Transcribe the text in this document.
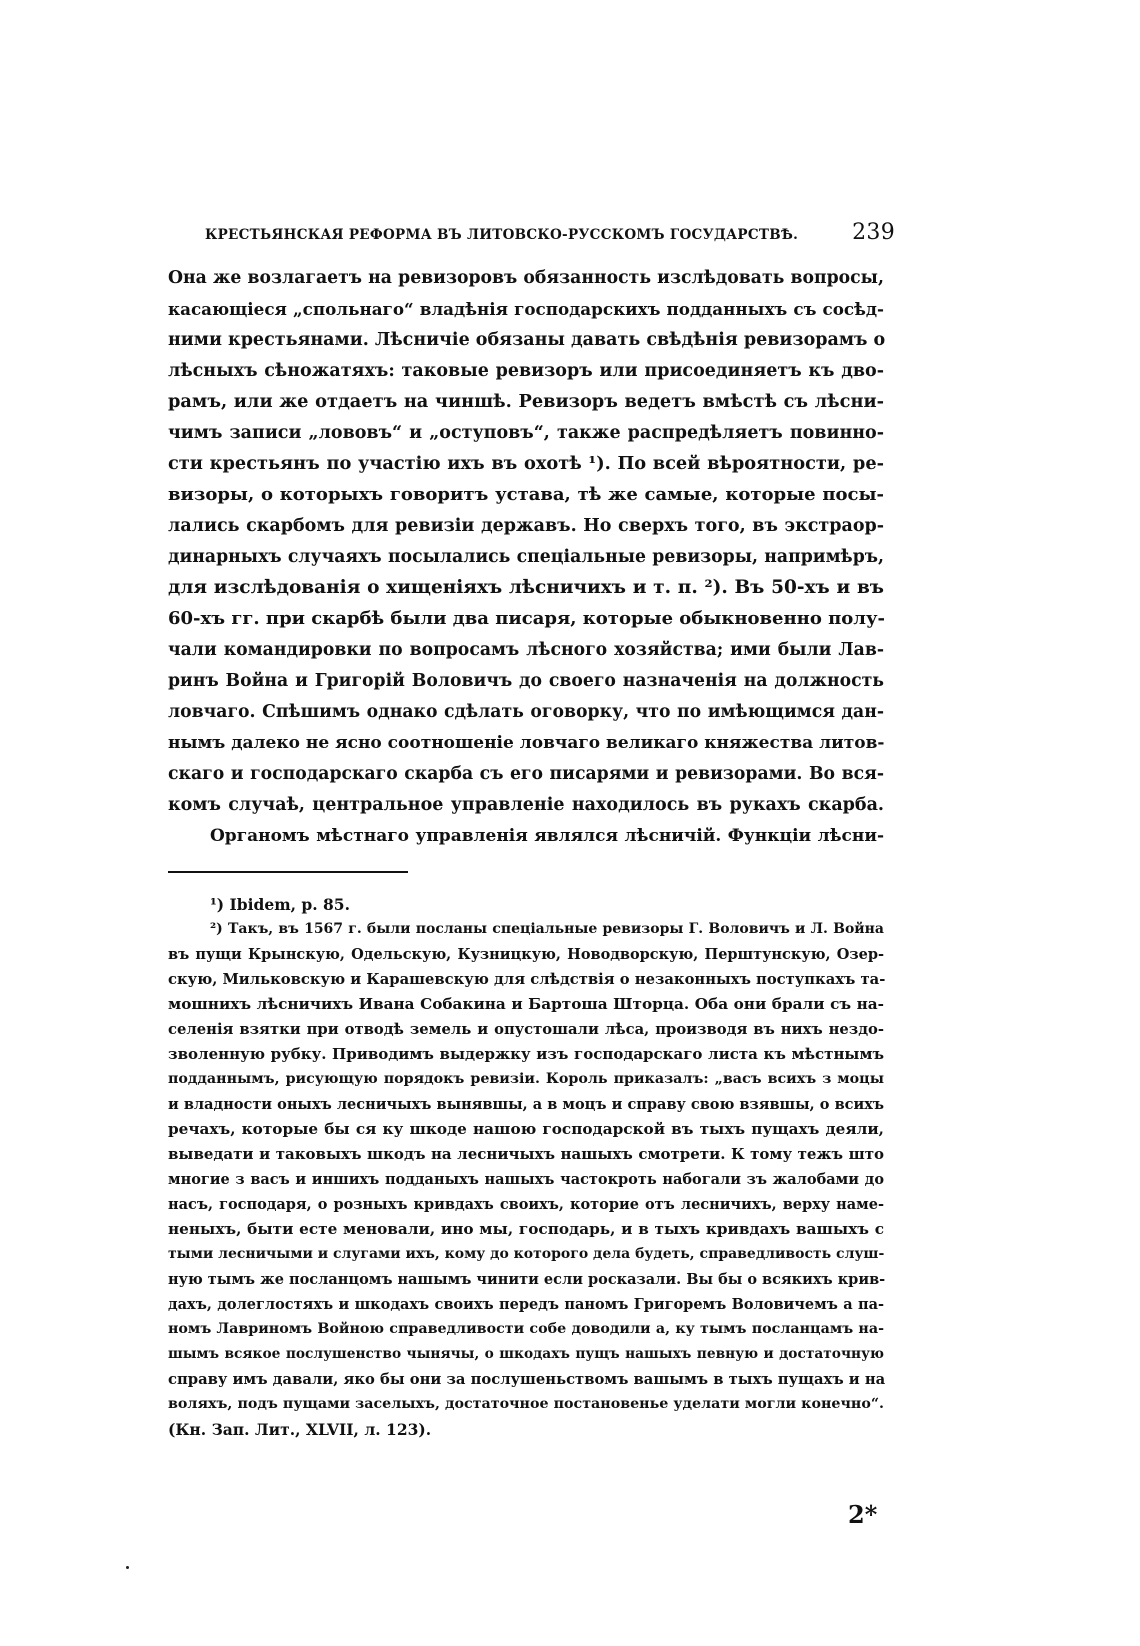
КРЕСТЬЯНСКАЯ РЕФОРМА ВЪ ЛИТОВСКО-РУССКОМЪ ГОСУДАРСТВѢ. 239
Она же возлагаетъ на ревизоровъ обязанность изслѣдовать вопросы,
касающіеся „спольнаго“ владѣнія господарскихъ подданныхъ съ сосѣд-
ними крестьянами. Лѣсничіе обязаны давать свѣдѣнія ревизорамъ о
лѣсныхъ сѣножатяхъ: таковые ревизоръ или присоединяетъ къ дво-
рамъ, или же отдаетъ на чиншѣ. Ревизоръ ведетъ вмѣстѣ съ лѣсни-
чимъ записи „лововъ“ и „оступовъ“, также распредѣляетъ повинно-
сти крестьянъ по участію ихъ въ охотѣ ¹). По всей вѣроятности, ре-
визоры, о которыхъ говоритъ устава, тѣ же самые, которые посы-
лались скарбомъ для ревизіи державъ. Но сверхъ того, въ экстраор-
динарныхъ случаяхъ посылались спеціальные ревизоры, напримѣръ,
для изслѣдованія о хищеніяхъ лѣсничихъ и т. п. ²). Въ 50-хъ и въ
60-хъ гг. при скарбѣ были два писаря, которые обыкновенно полу-
чали командировки по вопросамъ лѣсного хозяйства; ими были Лав-
ринъ Война и Григорій Воловичъ до своего назначенія на должность
ловчаго. Спѣшимъ однако сдѣлать оговорку, что по имѣющимся дан-
нымъ далеко не ясно соотношеніе ловчаго великаго княжества литов-
скаго и господарскаго скарба съ его писарями и ревизорами. Во вся-
комъ случаѣ, центральное управленіе находилось въ рукахъ скарба.
Органомъ мѣстнаго управленія являлся лѣсничій. Функціи лѣсни-
¹) Ibidem, p. 85.
²) Такъ, въ 1567 г. были посланы спеціальные ревизоры Г. Воловичъ и Л. Война
въ пущи Крынскую, Одельскую, Кузницкую, Новодворскую, Перштунскую, Озер-
скую, Мильковскую и Карашевскую для слѣдствія о незаконныхъ поступкахъ та-
мошнихъ лѣсничихъ Ивана Собакина и Бартоша Шторца. Оба они брали съ на-
селенія взятки при отводѣ земель и опустошали лѣса, производя въ нихъ нездо-
зволенную рубку. Приводимъ выдержку изъ господарскаго листа къ мѣстнымъ
подданнымъ, рисующую порядокъ ревизіи. Король приказалъ: „васъ всихъ з моцы
и владности оныхъ лесничыхъ вынявшы, а в моцъ и справу свою взявшы, о всихъ
речахъ, которые бы ся ку шкоде нашою господарской въ тыхъ пущахъ деяли,
выведати и таковыхъ шкодъ на лесничыхъ нашыхъ смотрети. К тому тежъ што
многие з васъ и иншихъ подданыхъ нашыхъ частокроть набогали зъ жалобами до
насъ, господаря, о розныхъ кривдахъ своихъ, которие отъ лесничихъ, верху наме-
неныхъ, быти есте меновали, ино мы, господарь, и в тыхъ кривдахъ вашыхъ с
тыми лесничыми и слугами ихъ, кому до которого дела будеть, справедливость слуш-
ную тымъ же посланцомъ нашымъ чинити если росказали. Вы бы о всякихъ крив-
дахъ, долеглостяхъ и шкодахъ своихъ передъ паномъ Григоремъ Воловичемъ а па-
номъ Лавриномъ Войною справедливости собе доводили а, ку тымъ посланцамъ на-
шымъ всякое послушенство чынячы, о шкодахъ пущъ нашыхъ певную и достаточную
справу имъ давали, яко бы они за послушеньствомъ вашымъ в тыхъ пущахъ и на
воляхъ, подъ пущами заселыхъ, достаточное постановенье уделати могли конечно“.
(Кн. Зап. Лит., XLVII, л. 123).
2*
